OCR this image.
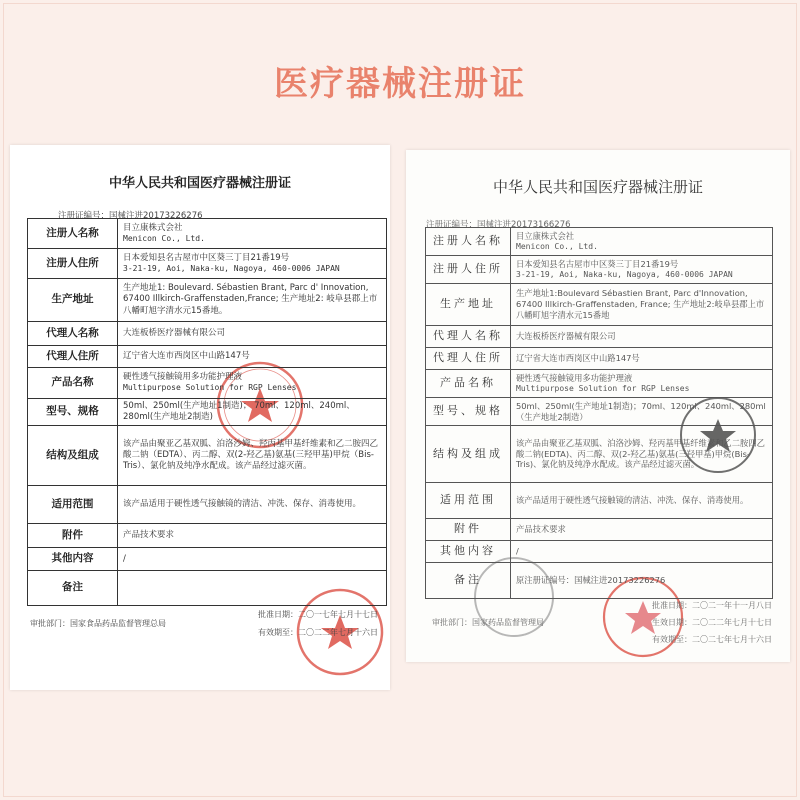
医疗器械注册证
中华人民共和国医疗器械注册证
注册证编号：国械注进20173226276
注册人名称	目立康株式会社
Menicon Co., Ltd.

注册人住所	日本爱知县名古屋市中区葵三丁目21番19号
3-21-19, Aoi, Naka-ku, Nagoya, 460-0006 JAPAN

生产地址	生产地址1: Boulevard. Sébastien Brant, Parc d' Innovation, 67400 Illkirch-Graffenstaden,France; 生产地址2: 岐阜县郡上市八幡町旭字清水元15番地。

代理人名称	大连板桥医疗器械有限公司

代理人住所	辽宁省大连市西岗区中山路147号

产品名称	硬性透气接触镜用多功能护理液
Multipurpose Solution for RGP Lenses

型号、规格	50ml、250ml(生产地址1制造)； 70ml、120ml、240ml、280ml(生产地址2制造)

结构及组成	该产品由聚亚乙基双胍、泊洛沙姆、羟丙基甲基纤维素和乙二胺四乙酸二钠（EDTA）、丙二醇、双(2-羟乙基)氨基(三羟甲基)甲烷（Bis-Tris）、氯化钠及纯净水配成。该产品经过滤灭菌。

适用范围	该产品适用于硬性透气接触镜的清洁、冲洗、保存、消毒使用。

附件	产品技术要求

其他内容	/

备注	
审批部门：国家食品药品监督管理总局
批准日期：二〇一七年七月十七日
有效期至：二〇二二年七月十六日
中华人民共和国医疗器械注册证
注册证编号：国械注进20173166276
注册人名称	目立康株式会社
Menicon Co., Ltd.

注册人住所	日本爱知县名古屋市中区葵三丁目21番19号
3-21-19, Aoi, Naka-ku, Nagoya, 460-0006 JAPAN

生产地址	生产地址1:Boulevard Sébastien Brant, Parc d'Innovation, 67400 Illkirch-Graffenstaden, France; 生产地址2:岐阜县郡上市八幡町旭字清水元15番地

代理人名称	大连板桥医疗器械有限公司

代理人住所	辽宁省大连市西岗区中山路147号

产品名称	硬性透气接触镜用多功能护理液
Multipurpose Solution for RGP Lenses

型号、规格	50ml、250ml(生产地址1制造)；70ml、120ml、240ml、280ml（生产地址2制造）

结构及组成	该产品由聚亚乙基双胍、泊洛沙姆、羟丙基甲基纤维素和乙二胺四乙酸二钠(EDTA)、丙二醇、双(2-羟乙基)氨基(三羟甲基)甲烷(Bis-Tris)、氯化钠及纯净水配成。该产品经过滤灭菌。

适用范围	该产品适用于硬性透气接触镜的清洁、冲洗、保存、消毒使用。

附件	产品技术要求

其他内容	/

备注	原注册证编号：国械注进20173226276
审批部门：国家药品监督管理局
批准日期：二〇二一年十一月八日
生效日期：二〇二二年七月十七日
有效期至：二〇二七年七月十六日
